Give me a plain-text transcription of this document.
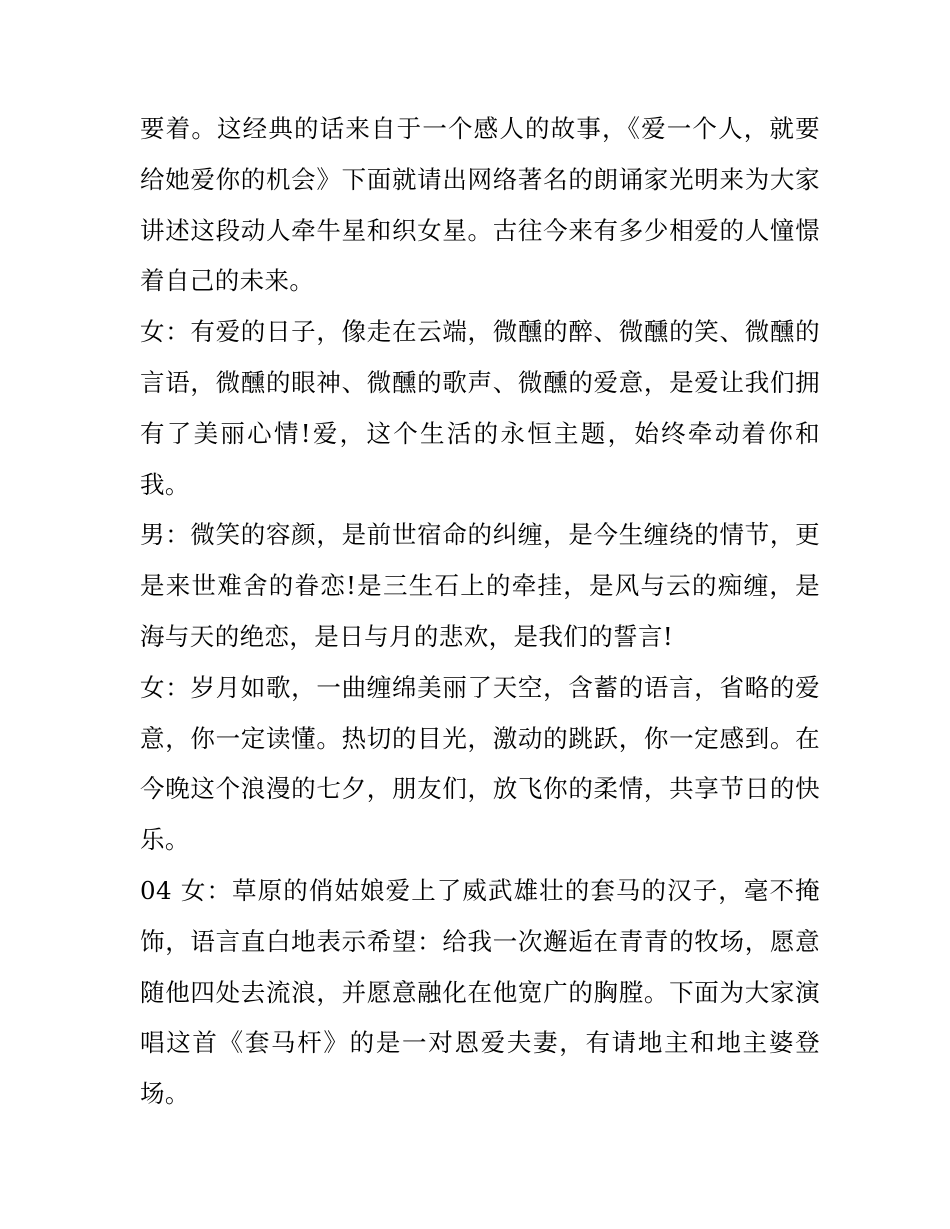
要着。这经典的话来自于一个感人的故事，《爱一个人，就要给她爱你的机会》下面就请出网络著名的朗诵家光明来为大家讲述这段动人牵牛星和织女星。古往今来有多少相爱的人憧憬着自己的未来。

女：有爱的日子，像走在云端，微醺的醉、微醺的笑、微醺的言语，微醺的眼神、微醺的歌声、微醺的爱意，是爱让我们拥有了美丽心情!爱，这个生活的永恒主题，始终牵动着你和我。

男：微笑的容颜，是前世宿命的纠缠，是今生缠绕的情节，更是来世难舍的眷恋!是三生石上的牵挂，是风与云的痴缠，是海与天的绝恋，是日与月的悲欢，是我们的誓言!

女：岁月如歌，一曲缠绵美丽了天空，含蓄的语言，省略的爱意，你一定读懂。热切的目光，激动的跳跃，你一定感到。在今晚这个浪漫的七夕，朋友们，放飞你的柔情，共享节日的快乐。

04 女：草原的俏姑娘爱上了威武雄壮的套马的汉子，毫不掩饰，语言直白地表示希望：给我一次邂逅在青青的牧场，愿意随他四处去流浪，并愿意融化在他宽广的胸膛。下面为大家演唱这首《套马杆》的是一对恩爱夫妻，有请地主和地主婆登场。
